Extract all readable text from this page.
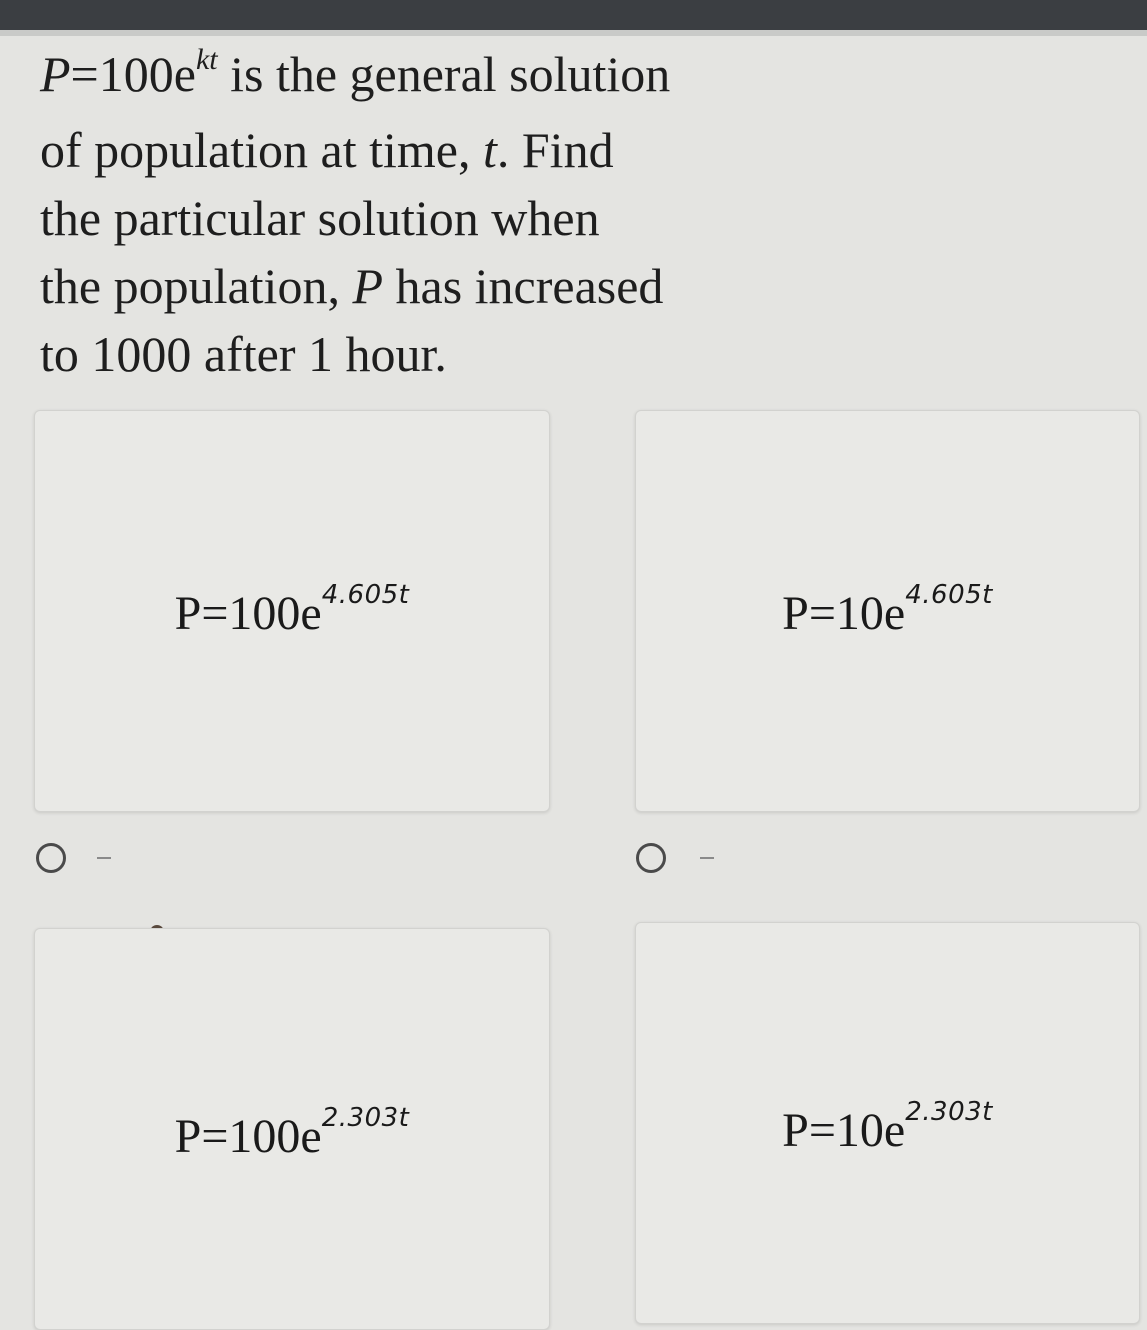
$P=100e^{kt}$ is the general solution
of population at time, t. Find
the particular solution when
the population, P has increased
to 1000 after 1 hour.
$P=100e^{4.605t}$	$P=10e^{4.605t}$
$P=100e^{2.303t}$	$P=10e^{2.303t}$
